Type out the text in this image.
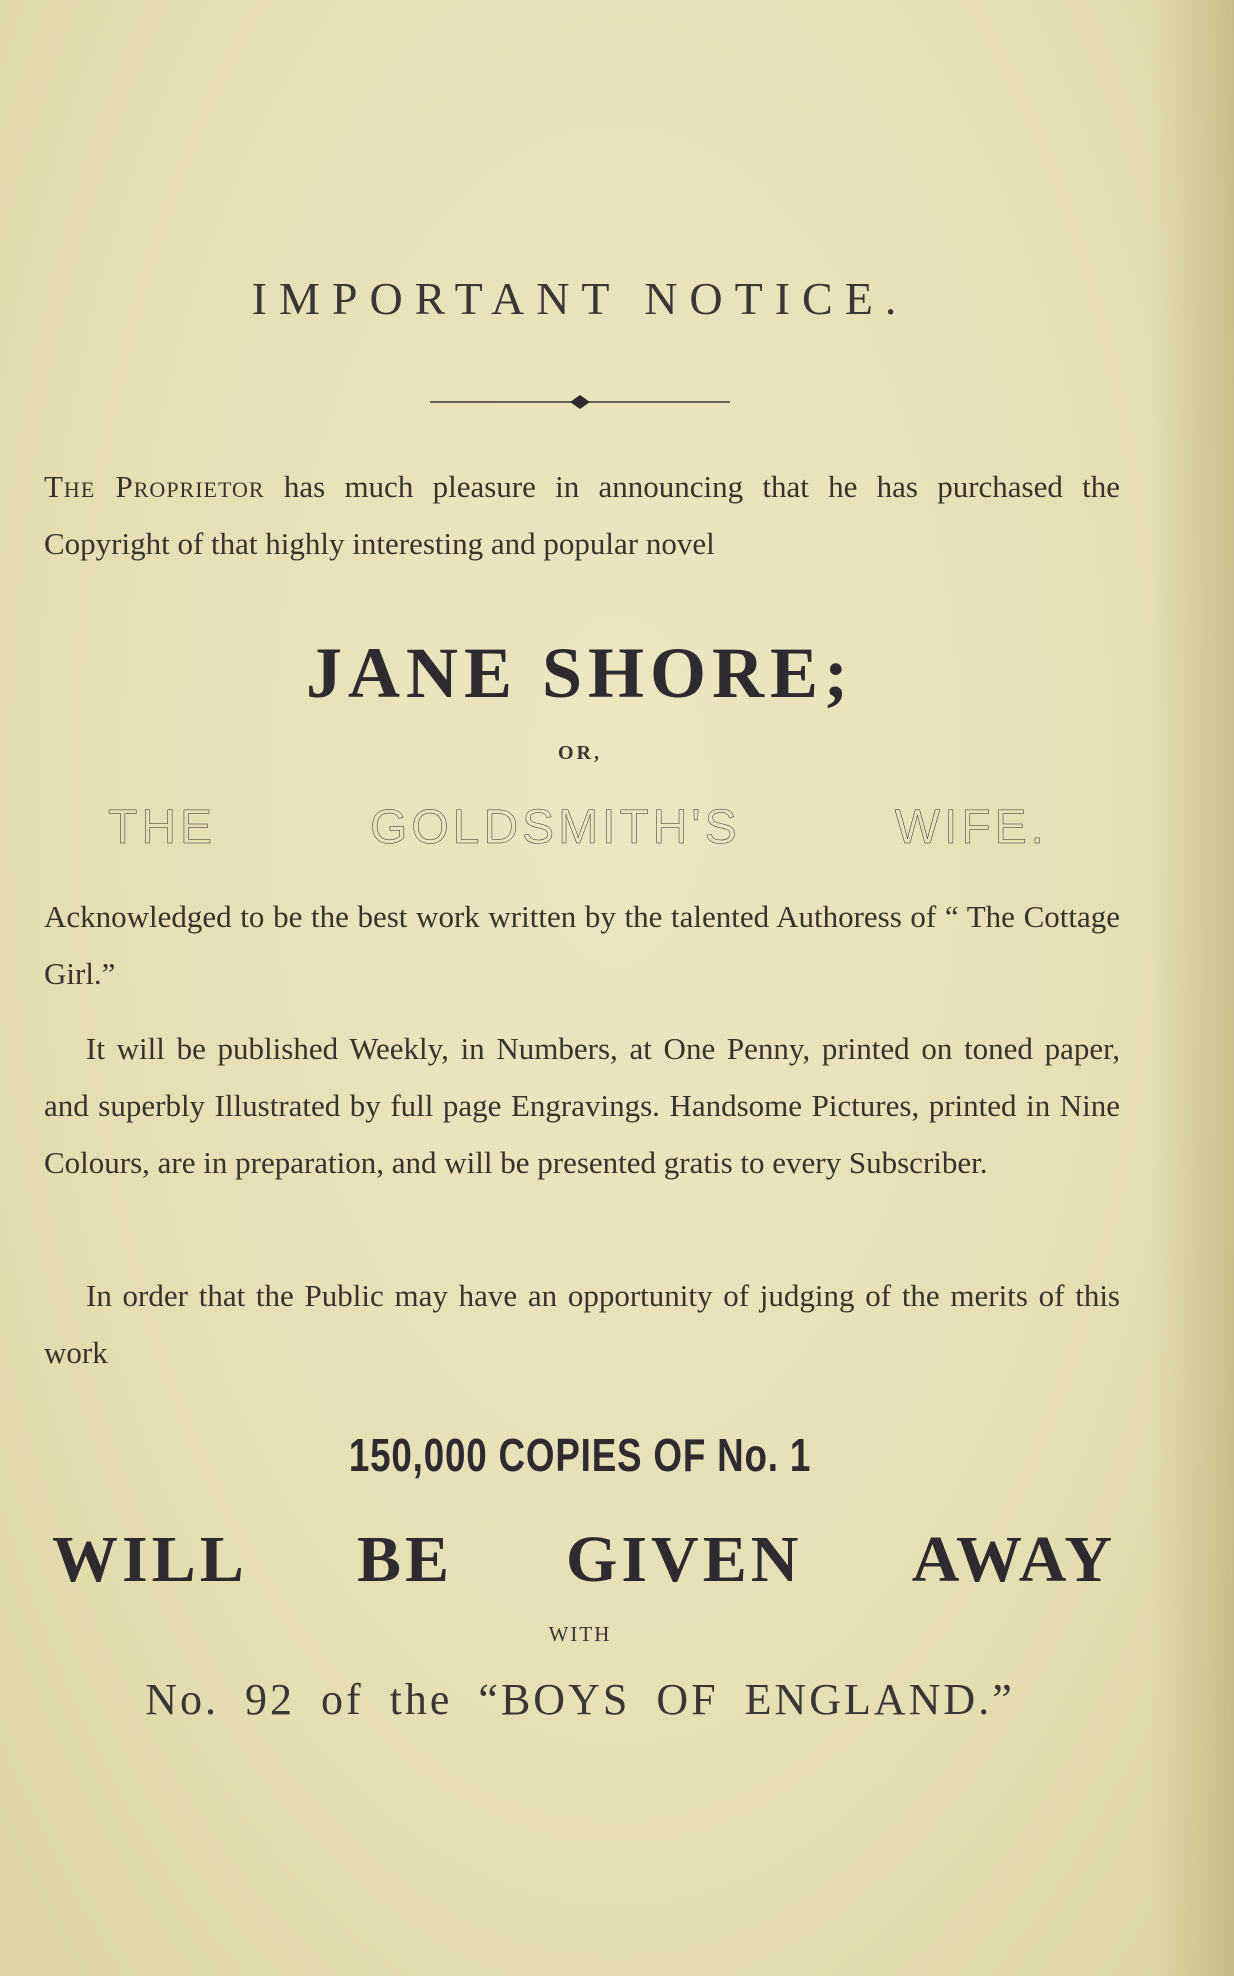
IMPORTANT NOTICE.

The Proprietor has much pleasure in announcing that he has purchased the Copyright of that highly interesting and popular novel

JANE SHORE;
OR,
THE GOLDSMITH'S WIFE.

Acknowledged to be the best work written by the talented Authoress of “ The Cottage Girl.”

It will be published Weekly, in Numbers, at One Penny, printed on toned paper, and superbly Illustrated by full page Engravings. Handsome Pictures, printed in Nine Colours, are in preparation, and will be presented gratis to every Subscriber.

In order that the Public may have an opportunity of judging of the merits of this work

150,000 COPIES OF No. 1
WILL BE GIVEN AWAY
WITH
No. 92 of the “BOYS OF ENGLAND.”
